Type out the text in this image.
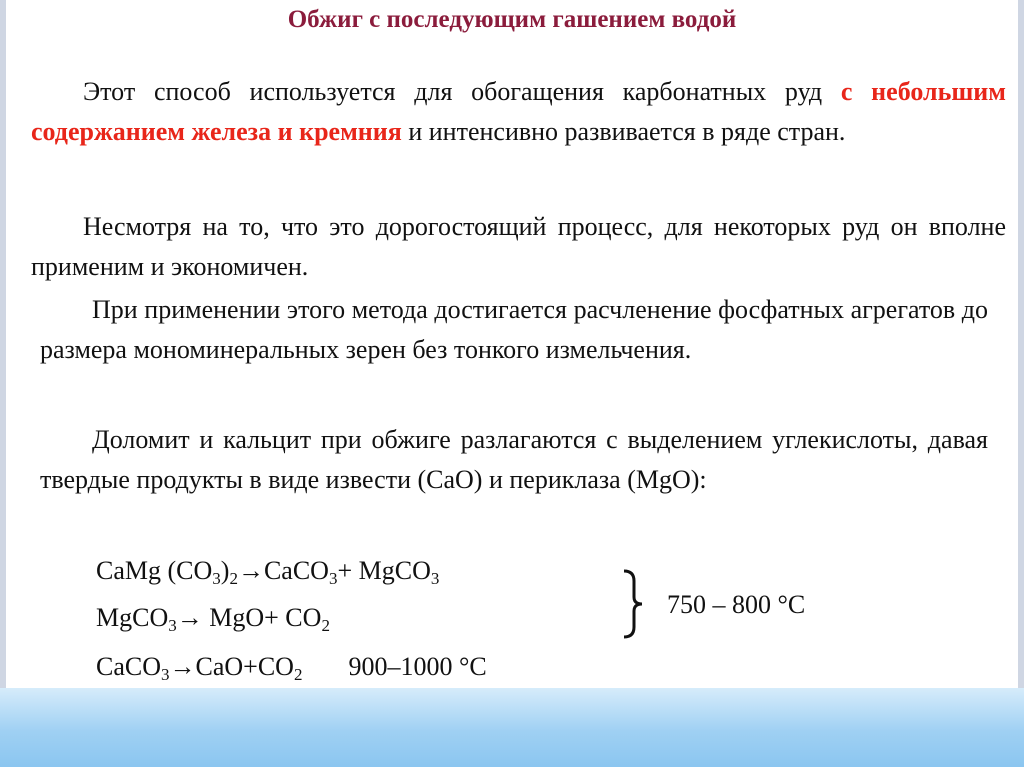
Обжиг с последующим гашением водой
Этот способ используется для обогащения карбонатных руд с небольшим содержанием железа и кремния и интенсивно развивается в ряде стран.
Несмотря на то, что это дорогостоящий процесс, для некоторых руд он вполне применим и экономичен.
При применении этого метода достигается расчленение фосфатных агрегатов до размера мономинеральных зерен без тонкого измельчения.
Доломит и кальцит при обжиге разлагаются с выделением углекислоты, давая твердые продукты в виде извести (CaO) и периклаза (MgO):
CaMg $(CO_3)_2\to CaCO_3+$ MgCO$_3$
MgCO$_3$→ $MgO+ CO_2$
$CaCO_3\to CaO+CO_2$ 900–1000 °C
750 – 800 °C
